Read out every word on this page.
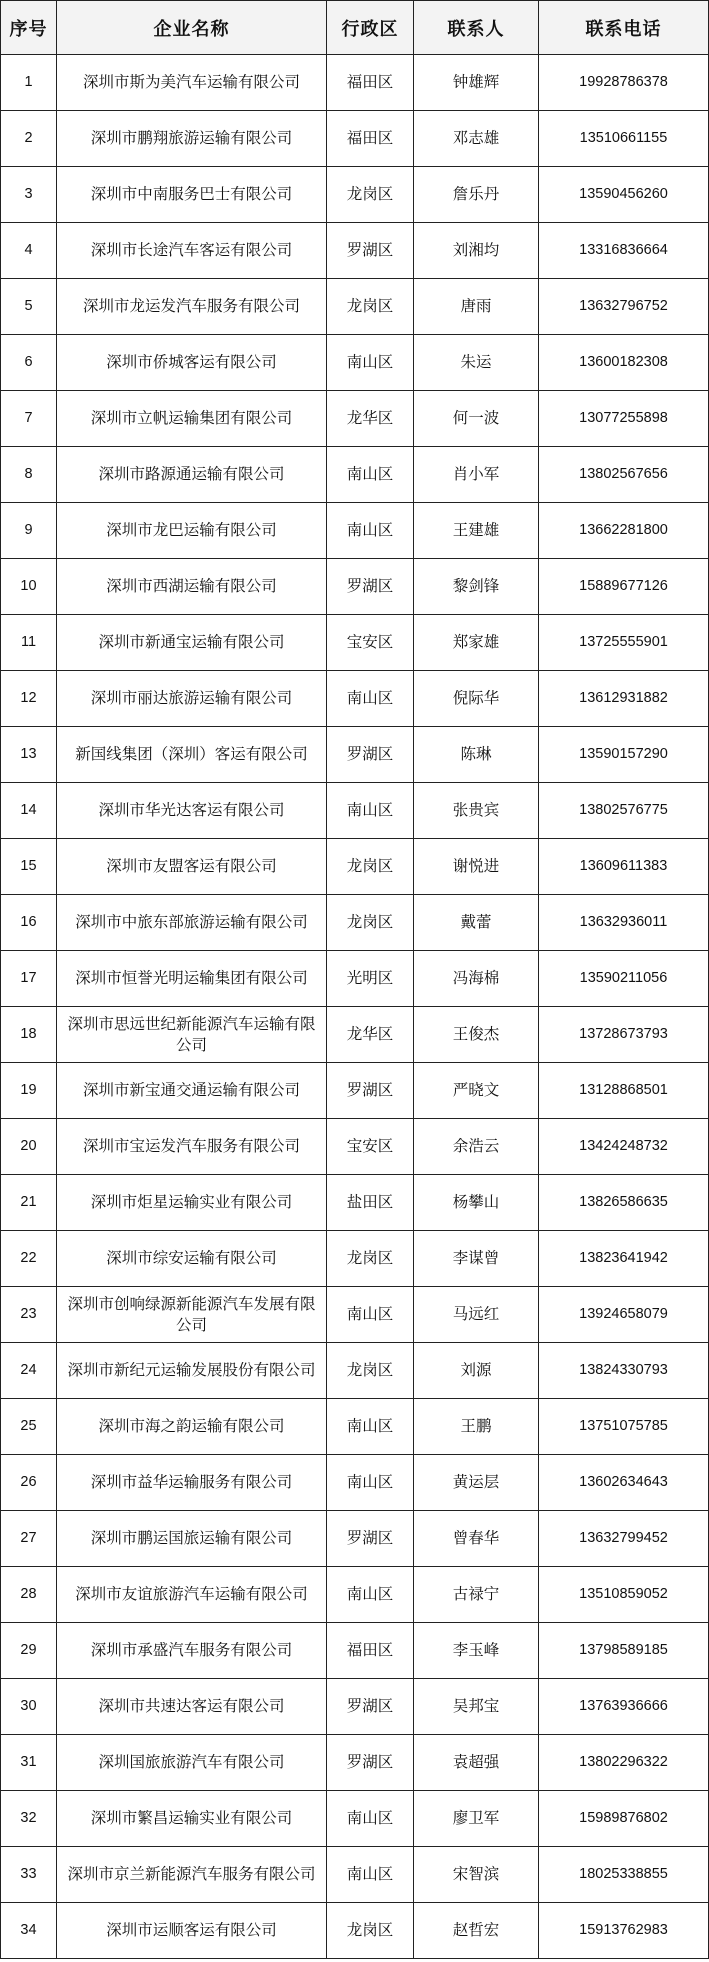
序号	企业名称	行政区	联系人	联系电话
1	深圳市斯为美汽车运输有限公司	福田区	钟雄辉	19928786378
2	深圳市鹏翔旅游运输有限公司	福田区	邓志雄	13510661155
3	深圳市中南服务巴士有限公司	龙岗区	詹乐丹	13590456260
4	深圳市长途汽车客运有限公司	罗湖区	刘湘均	13316836664
5	深圳市龙运发汽车服务有限公司	龙岗区	唐雨	13632796752
6	深圳市侨城客运有限公司	南山区	朱运	13600182308
7	深圳市立帆运输集团有限公司	龙华区	何一波	13077255898
8	深圳市路源通运输有限公司	南山区	肖小军	13802567656
9	深圳市龙巴运输有限公司	南山区	王建雄	13662281800
10	深圳市西湖运输有限公司	罗湖区	黎剑锋	15889677126
11	深圳市新通宝运输有限公司	宝安区	郑家雄	13725555901
12	深圳市丽达旅游运输有限公司	南山区	倪际华	13612931882
13	新国线集团（深圳）客运有限公司	罗湖区	陈琳	13590157290
14	深圳市华光达客运有限公司	南山区	张贵宾	13802576775
15	深圳市友盟客运有限公司	龙岗区	谢悦进	13609611383
16	深圳市中旅东部旅游运输有限公司	龙岗区	戴蕾	13632936011
17	深圳市恒誉光明运输集团有限公司	光明区	冯海棉	13590211056
18	深圳市思远世纪新能源汽车运输有限公司	龙华区	王俊杰	13728673793
19	深圳市新宝通交通运输有限公司	罗湖区	严晓文	13128868501
20	深圳市宝运发汽车服务有限公司	宝安区	余浩云	13424248732
21	深圳市炬星运输实业有限公司	盐田区	杨攀山	13826586635
22	深圳市综安运输有限公司	龙岗区	李谋曾	13823641942
23	深圳市创响绿源新能源汽车发展有限公司	南山区	马远红	13924658079
24	深圳市新纪元运输发展股份有限公司	龙岗区	刘源	13824330793
25	深圳市海之韵运输有限公司	南山区	王鹏	13751075785
26	深圳市益华运输服务有限公司	南山区	黄运层	13602634643
27	深圳市鹏运国旅运输有限公司	罗湖区	曾春华	13632799452
28	深圳市友谊旅游汽车运输有限公司	南山区	古禄宁	13510859052
29	深圳市承盛汽车服务有限公司	福田区	李玉峰	13798589185
30	深圳市共速达客运有限公司	罗湖区	吴邦宝	13763936666
31	深圳国旅旅游汽车有限公司	罗湖区	袁超强	13802296322
32	深圳市繁昌运输实业有限公司	南山区	廖卫军	15989876802
33	深圳市京兰新能源汽车服务有限公司	南山区	宋智滨	18025338855
34	深圳市运顺客运有限公司	龙岗区	赵哲宏	15913762983
